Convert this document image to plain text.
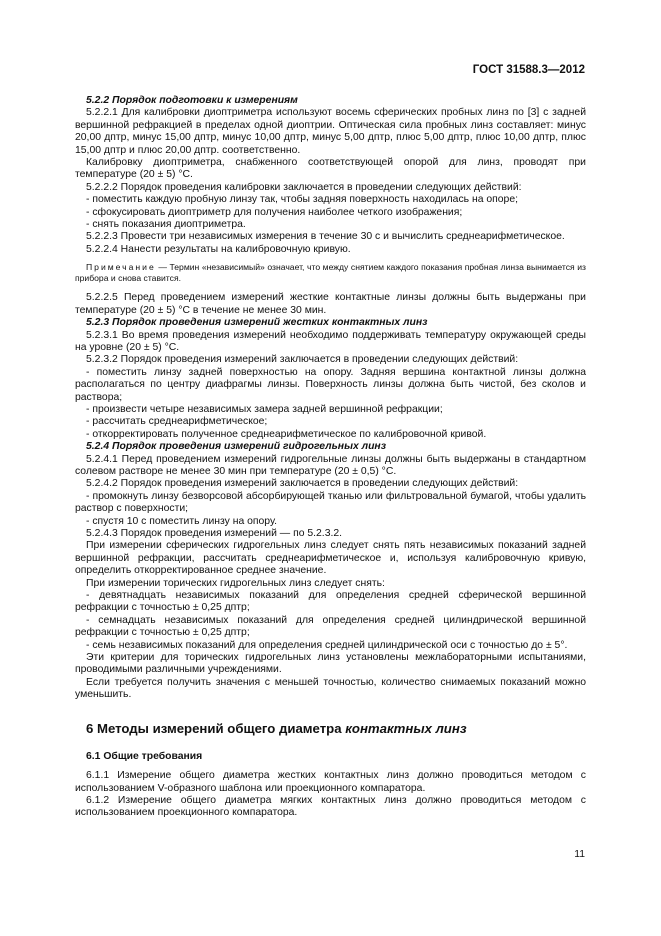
ГОСТ 31588.3—2012

5.2.2 Порядок подготовки к измерениям

5.2.2.1 Для калибровки диоптриметра используют восемь сферических пробных линз по [3] с задней вершинной рефракцией в пределах одной диоптрии. Оптическая сила пробных линз составляет: минус 20,00 дптр, минус 15,00 дптр, минус 10,00 дптр, минус 5,00 дптр, плюс 5,00 дптр, плюс 10,00 дптр, плюс 15,00 дптр и плюс 20,00 дптр. соответственно.

Калибровку диоптриметра, снабженного соответствующей опорой для линз, проводят при температуре (20 ± 5) °С.

5.2.2.2 Порядок проведения калибровки заключается в проведении следующих действий:

- поместить каждую пробную линзу так, чтобы задняя поверхность находилась на опоре;

- сфокусировать диоптриметр для получения наиболее четкого изображения;

- снять показания диоптриметра.

5.2.2.3 Провести три независимых измерения в течение 30 с и вычислить среднеарифметическое.

5.2.2.4 Нанести результаты на калибровочную кривую.

Примечание — Термин «независимый» означает, что между снятием каждого показания пробная линза вынимается из прибора и снова ставится.

5.2.2.5 Перед проведением измерений жесткие контактные линзы должны быть выдержаны при температуре (20 ± 5) °С в течение не менее 30 мин.

5.2.3 Порядок проведения измерений жестких контактных линз

5.2.3.1 Во время проведения измерений необходимо поддерживать температуру окружающей среды на уровне (20 ± 5) °С.

5.2.3.2 Порядок проведения измерений заключается в проведении следующих действий:

- поместить линзу задней поверхностью на опору. Задняя вершина контактной линзы должна располагаться по центру диафрагмы линзы. Поверхность линзы должна быть чистой, без сколов и раствора;

- произвести четыре независимых замера задней вершинной рефракции;

- рассчитать среднеарифметическое;

- откорректировать полученное среднеарифметическое по калибровочной кривой.

5.2.4 Порядок проведения измерений гидрогельных линз

5.2.4.1 Перед проведением измерений гидрогельные линзы должны быть выдержаны в стандартном солевом растворе не менее 30 мин при температуре (20 ± 0,5) °С.

5.2.4.2 Порядок проведения измерений заключается в проведении следующих действий:

- промокнуть линзу безворсовой абсорбирующей тканью или фильтровальной бумагой, чтобы удалить раствор с поверхности;

- спустя 10 с поместить линзу на опору.

5.2.4.3 Порядок проведения измерений — по 5.2.3.2.

При измерении сферических гидрогельных линз следует снять пять независимых показаний задней вершинной рефракции, рассчитать среднеарифметическое и, используя калибровочную кривую, определить откорректированное среднее значение.

При измерении торических гидрогельных линз следует снять:

- девятнадцать независимых показаний для определения средней сферической вершинной рефракции с точностью ± 0,25 дптр;

- семнадцать независимых показаний для определения средней цилиндрической вершинной рефракции с точностью ± 0,25 дптр;

- семь независимых показаний для определения средней цилиндрической оси с точностью до ± 5°.

Эти критерии для торических гидрогельных линз установлены межлабораторными испытаниями, проводимыми различными учреждениями.

Если требуется получить значения с меньшей точностью, количество снимаемых показаний можно уменьшить.

6 Методы измерений общего диаметра контактных линз

6.1 Общие требования

6.1.1 Измерение общего диаметра жестких контактных линз должно проводиться методом с использованием V-образного шаблона или проекционного компаратора.

6.1.2 Измерение общего диаметра мягких контактных линз должно проводиться методом с использованием проекционного компаратора.

11
